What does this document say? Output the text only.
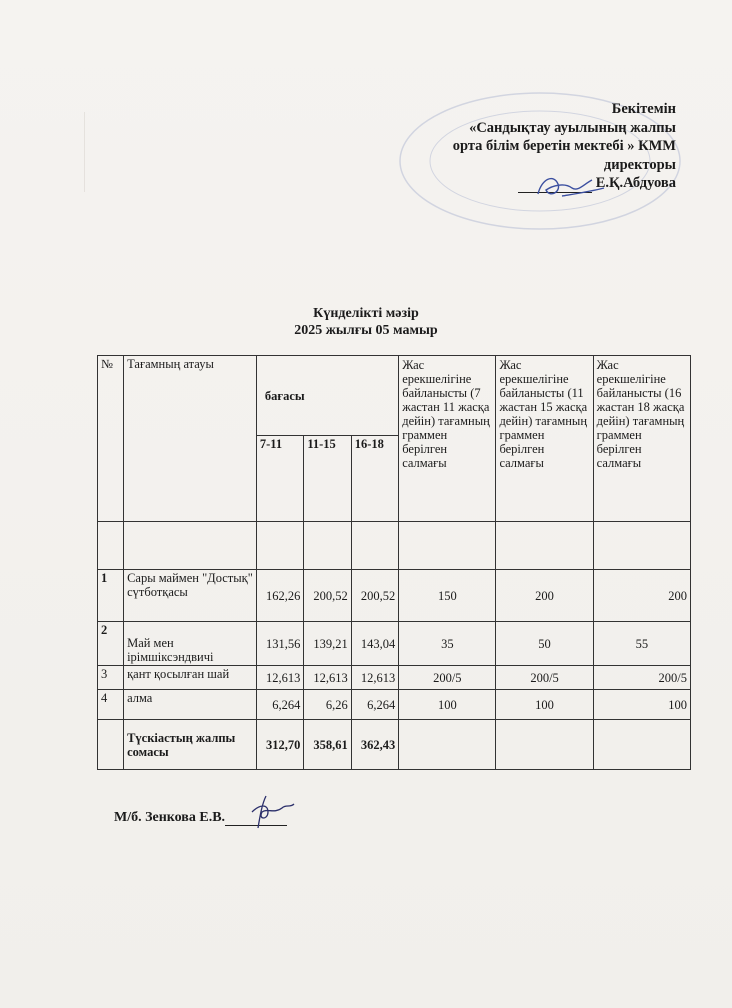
Бекітемін
«Сандықтау ауылының жалпы
орта білім беретін мектебі » КММ
директоры
Е.Қ.Абдуова
Күнделікті мәзір
2025 жылғы 05 мамыр
№	Тағамның атауы	бағасы			Жас ерекшелігіне байланысты (7 жастан 11 жасқа дейін) тағамның граммен берілген салмағы	Жас ерекшелігіне байланысты (11 жастан 15 жасқа дейін) тағамның граммен берілген салмағы	Жас ерекшелігіне байланысты (16 жастан 18 жасқа дейін) тағамның граммен берілген салмағы
		7-11	11-15	16-18			

1	Сары маймен "Достық" сүтботқасы	162,26	200,52	200,52	150	200	200
2	Май мен ірімшіксэндвичі	131,56	139,21	143,04	35	50	55
3	қант қосылған шай	12,613	12,613	12,613	200/5	200/5	200/5
4	алма	6,264	6,26	6,264	100	100	100
	Түскіастың жалпы сомасы	312,70	358,61	362,43			
М/б. Зенкова Е.В.
